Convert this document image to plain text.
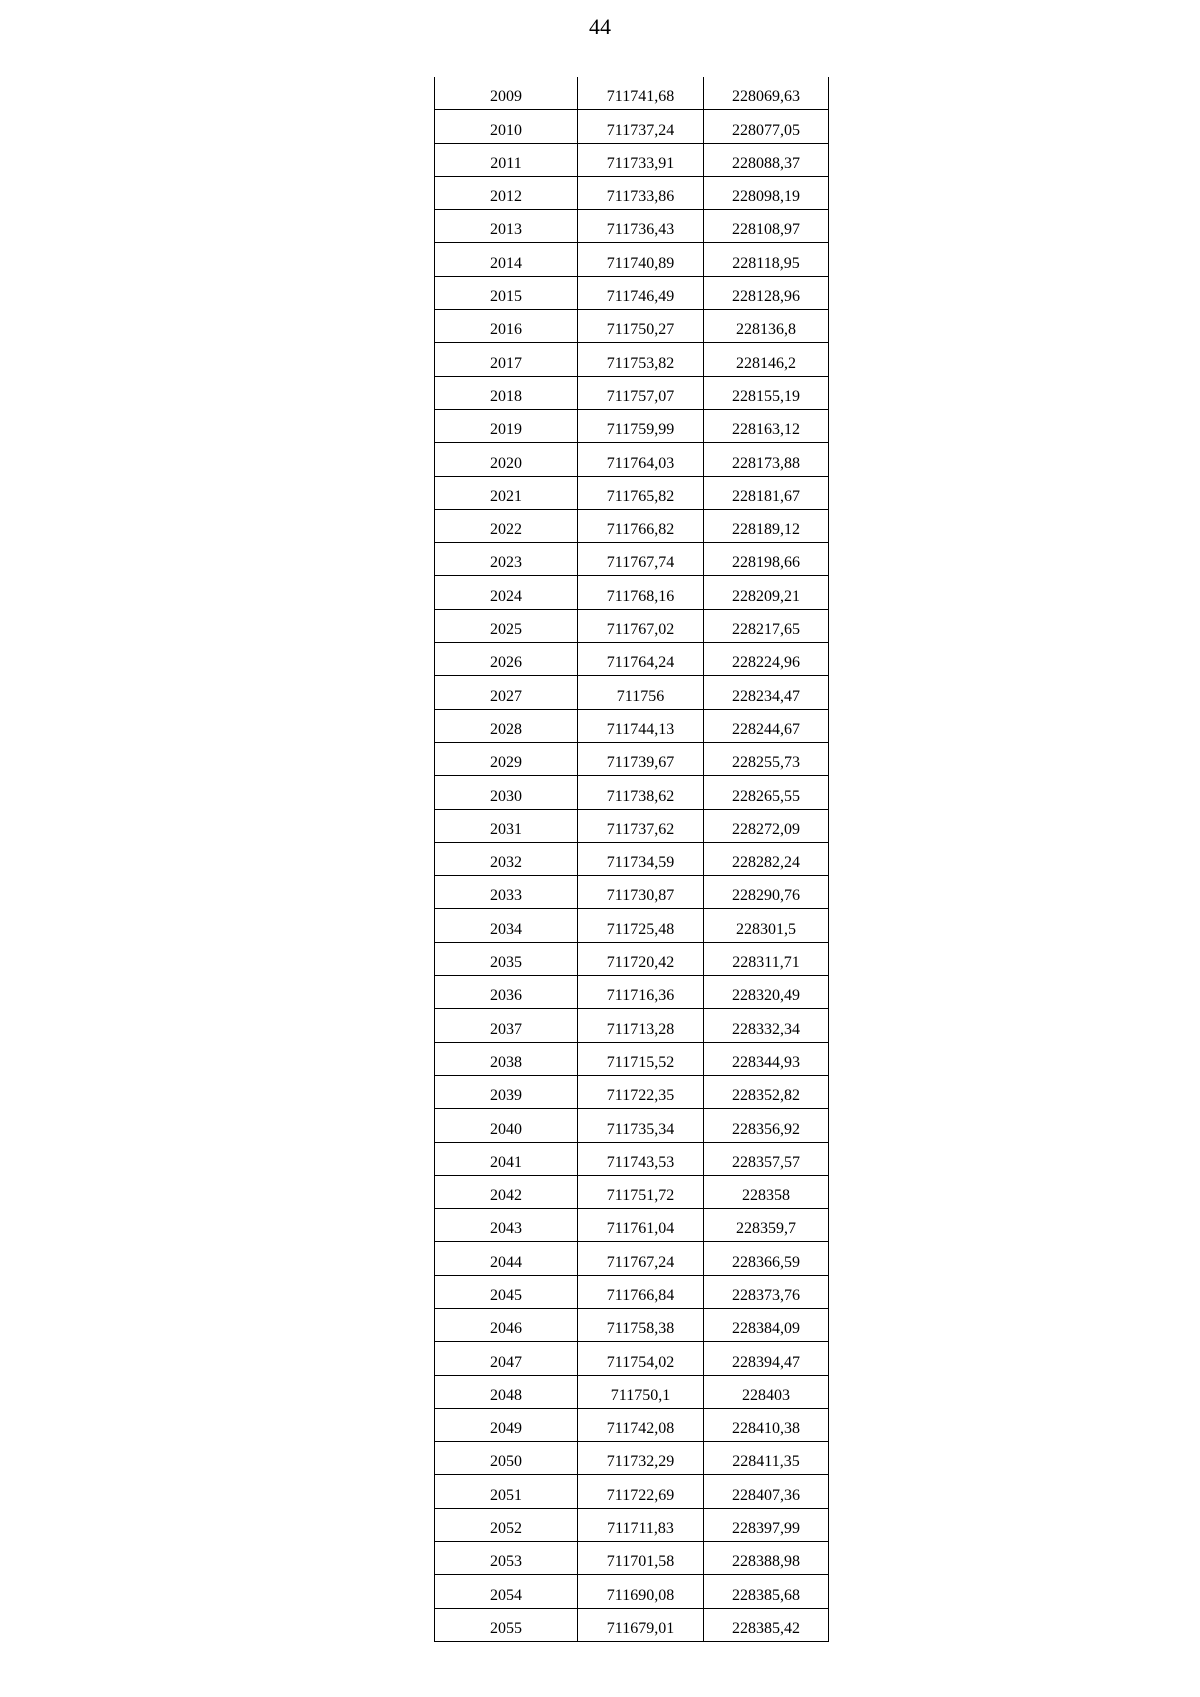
44
2009	711741,68	228069,63
2010	711737,24	228077,05
2011	711733,91	228088,37
2012	711733,86	228098,19
2013	711736,43	228108,97
2014	711740,89	228118,95
2015	711746,49	228128,96
2016	711750,27	228136,8
2017	711753,82	228146,2
2018	711757,07	228155,19
2019	711759,99	228163,12
2020	711764,03	228173,88
2021	711765,82	228181,67
2022	711766,82	228189,12
2023	711767,74	228198,66
2024	711768,16	228209,21
2025	711767,02	228217,65
2026	711764,24	228224,96
2027	711756	228234,47
2028	711744,13	228244,67
2029	711739,67	228255,73
2030	711738,62	228265,55
2031	711737,62	228272,09
2032	711734,59	228282,24
2033	711730,87	228290,76
2034	711725,48	228301,5
2035	711720,42	228311,71
2036	711716,36	228320,49
2037	711713,28	228332,34
2038	711715,52	228344,93
2039	711722,35	228352,82
2040	711735,34	228356,92
2041	711743,53	228357,57
2042	711751,72	228358
2043	711761,04	228359,7
2044	711767,24	228366,59
2045	711766,84	228373,76
2046	711758,38	228384,09
2047	711754,02	228394,47
2048	711750,1	228403
2049	711742,08	228410,38
2050	711732,29	228411,35
2051	711722,69	228407,36
2052	711711,83	228397,99
2053	711701,58	228388,98
2054	711690,08	228385,68
2055	711679,01	228385,42
